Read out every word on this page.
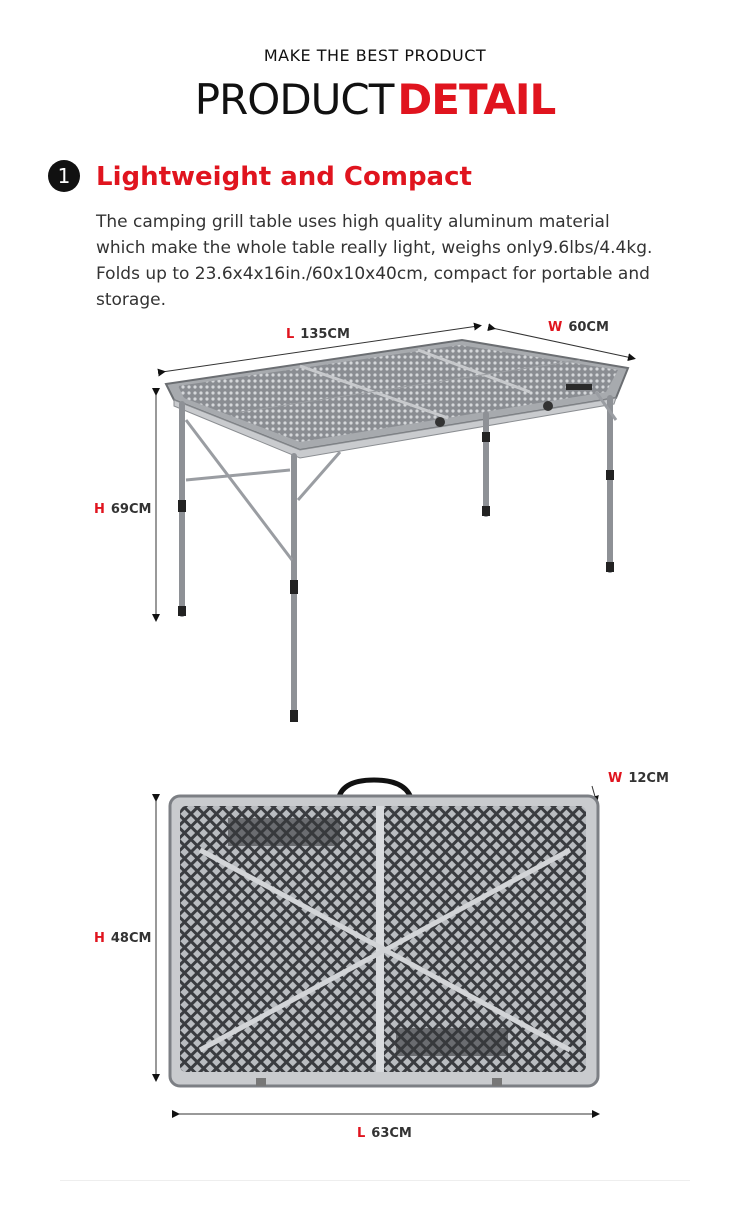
MAKE THE BEST PRODUCT
PRODUCTDETAIL
1 Lightweight and Compact
The camping grill table uses high quality aluminum material which make the whole table really light, weighs only9.6lbs/4.4kg. Folds up to 23.6x4x16in./60x10x40cm, compact for portable and storage.
L 135CM	W 60CM
H 69CM
W 12CM
H 48CM
L 63CM
